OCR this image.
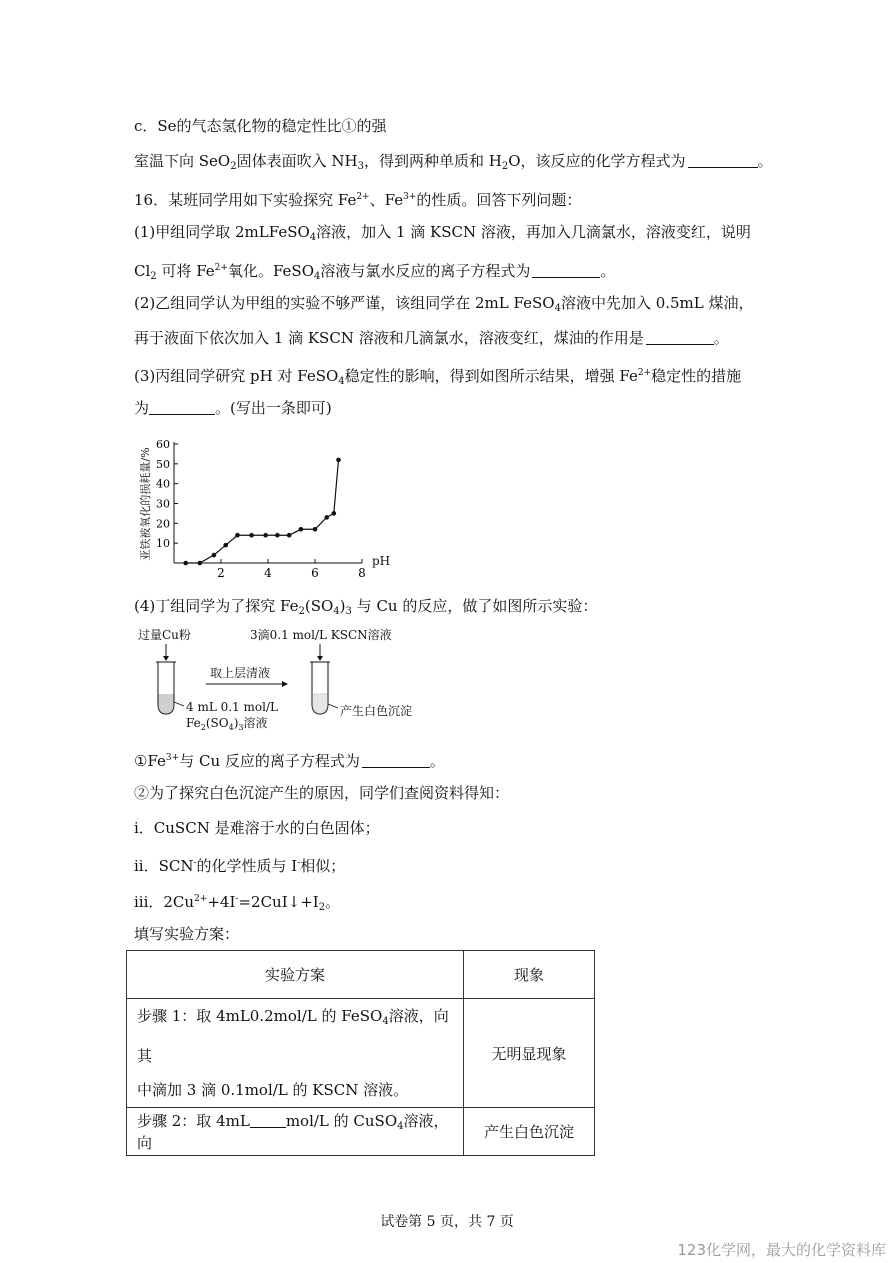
c．Se的气态氢化物的稳定性比①的强
室温下向 SeO$_2$固体表面吹入 $NH_3$，得到两种单质和 $H_2O$，该反应的化学方程式为	。
16．某班同学用如下实验探究 $Fe^{2+}$、$Fe^{3+}$的性质。回答下列问题：
(1)甲组同学取 2mLFeSO$_4$溶液，加入 1 滴 KSCN 溶液，再加入几滴氯水，溶液变红，说明
$Cl_2$ 可将 $Fe^{2+}$氧化。FeSO$_4$溶液与氯水反应的离子方程式为	。
(2)乙组同学认为甲组的实验不够严谨，该组同学在 2mL FeSO$_4$溶液中先加入 0.5mL 煤油，
再于液面下依次加入 1 滴 KSCN 溶液和几滴氯水，溶液变红，煤油的作用是	。
(3)丙组同学研究 pH 对 FeSO$_4$稳定性的影响，得到如图所示结果，增强 $Fe^{2+}$稳定性的措施
为	。(写出一条即可)
亚铁被氧化的损耗量/% 10
20
30
40
50
60
2	4	6	8
pH
(4)丁组同学为了探究 $Fe_2(SO_4)_3$ 与 Cu 的反应，做了如图所示实验：
过量Cu粉	3滴0.1 mol/L KSCN溶液
取上层清液
4 mL 0.1 mol/L
$Fe_2(SO_4)_3$溶液
产生白色沉淀
$①Fe^{3+}$与 Cu 反应的离子方程式为	。
②为了探究白色沉淀产生的原因，同学们查阅资料得知：
i．CuSCN 是难溶于水的白色固体；
ii．SCN-的化学性质与 I-相似；
iii．$2Cu^{2+}+4I^-=2CuI↓+I_2$。
填写实验方案：
实验方案	现象
步骤 1：取 4mL0.2mol/L 的 FeSO$_4$溶液，向其
中滴加 3 滴 0.1mol/L 的 KSCN 溶液。	无明显现象
步骤 2：取 4mL mol/L 的 CuSO$_4$溶液，向	产生白色沉淀
试卷第 5 页，共 7 页
123化学网，最大的化学资料库
